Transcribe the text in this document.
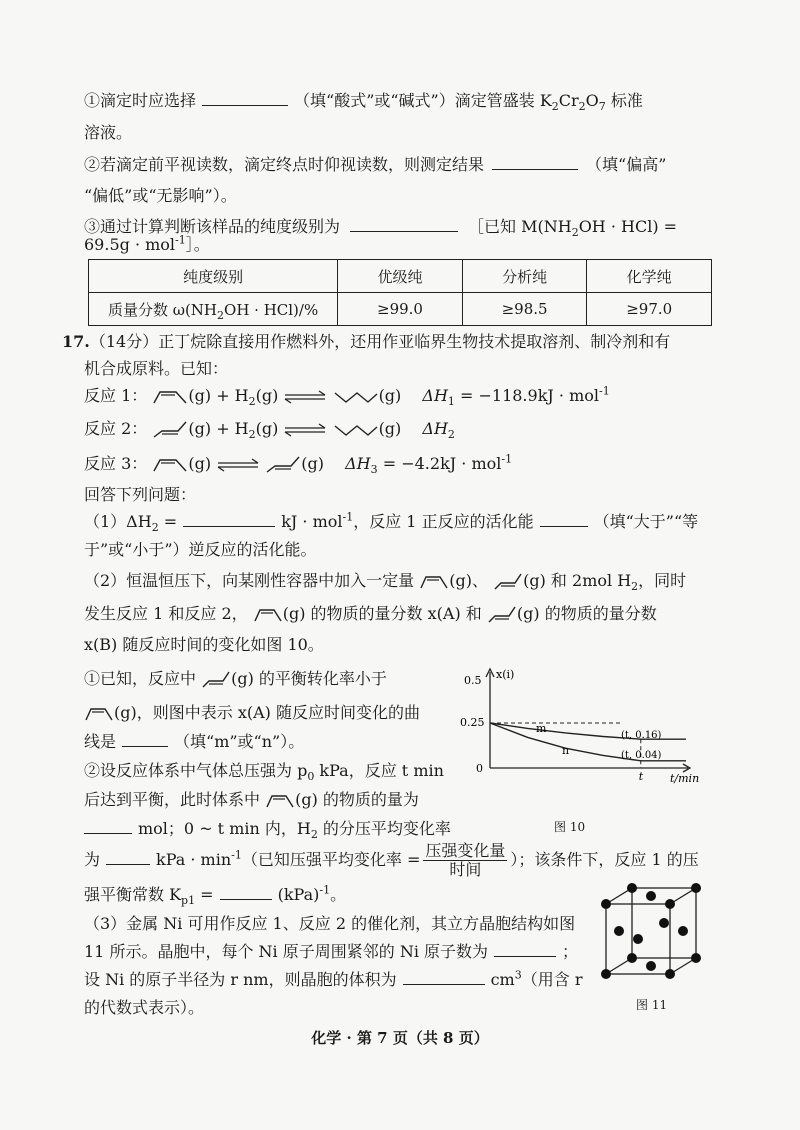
①滴定时应选择	（填“酸式”或“碱式”）滴定管盛装 $K_2Cr_2O_7$ 标准
溶液。
②若滴定前平视读数，滴定终点时仰视读数，则测定结果	（填“偏高”
“偏低”或“无影响”）。
③通过计算判断该样品的纯度级别为	［已知 $M(NH_2OH \cdot HCl)$ =
69.5g · mol$^{-1}$］。
纯度级别	优级纯	分析纯	化学纯
质量分数 $\omega(NH_2OH \cdot HCl)/\%$	≥99.0	≥98.5	≥97.0
17.（14分）正丁烷除直接用作燃料外，还用作亚临界生物技术提取溶剂、制冷剂和有
机合成原料。已知：
反应 1：	$(g) + H_2(g)$ ⇌	(g) $\Delta H_1 = -118.9kJ \cdot mol^{-1}$
反应 2：	$(g) + H_2(g)$ ⇌	(g) $\Delta H_2$
反应 3：	(g) ⇌	(g) $\Delta H_3 = -4.2kJ \cdot mol^{-1}$
回答下列问题：
$(1)\Delta H_2$ =	kJ · mol$^{-1}$，反应 1 正反应的活化能	（填“大于”“等
于”或“小于”）逆反应的活化能。
（2）恒温恒压下，向某刚性容器中加入一定量 (g)、 (g) 和 2mol $H_2$，同时
发生反应 1 和反应 2， (g) 的物质的量分数 x(A) 和 (g) 的物质的量分数
x(B) 随反应时间的变化如图 10。
①已知，反应中 (g) 的平衡转化率小于
(g)，则图中表示 x(A) 随反应时间变化的曲
线是	（填“m”或“n”）。
②设反应体系中气体总压强为 $p_0$ kPa，反应 t min
后达到平衡，此时体系中 (g) 的物质的量为
mol；0 ~ t min 内，$H_2$ 的分压平均变化率
为	kPa · $\min^{-1}$（已知压强平均变化率 = $\frac{\text{压强变化量}}{\text{时间}}$ ）；该条件下，反应 1 的压
强平衡常数 $K_{p1}$ =	(kPa)$^{-1}$。
（3）金属 Ni 可用作反应 1、反应 2 的催化剂，其立方晶胞结构如图
11 所示。晶胞中，每个 Ni 原子周围紧邻的 Ni 原子数为	；
设 Ni 的原子半径为 r nm，则晶胞的体积为	$cm^3$（用含 r
的代数式表示）。
x(i)
t/min
0.5
0.25
0
m
n
(t, 0.16)
(t, 0.04)
t
图 10
图 11
化学 · 第 7 页（共 8 页）
